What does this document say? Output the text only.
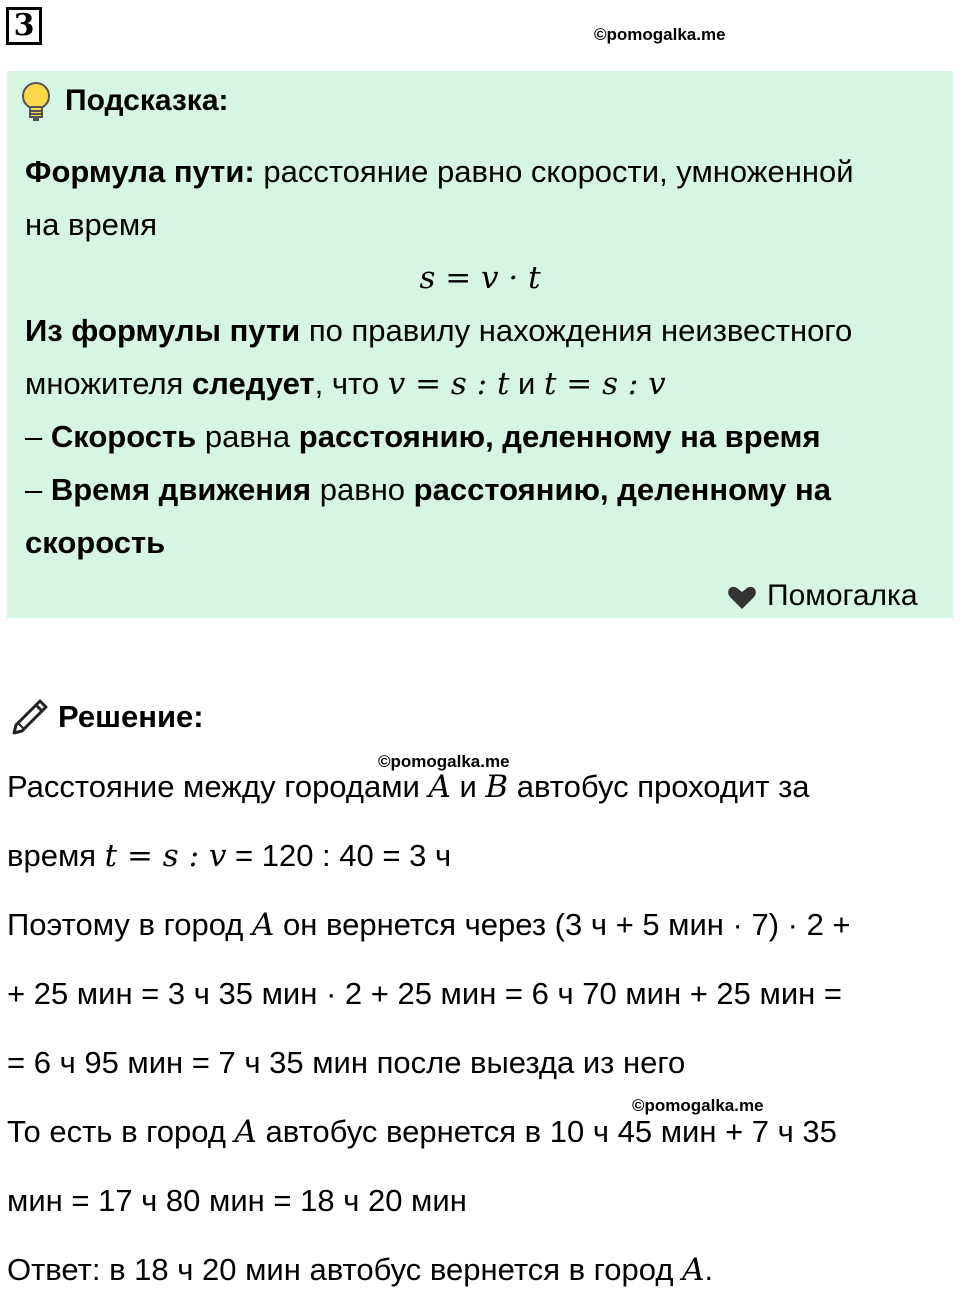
3	©pomogalka.me
Подсказка:
Формула пути: расстояние равно скорости, умноженной
на время
s = v · t
Из формулы пути по правилу нахождения неизвестного
множителя следует, что v = s : t и t = s : v
– Скорость равна расстоянию, деленному на время
– Время движения равно расстоянию, деленному на
скорость
Помогалка
Решение:
©pomogalka.me
Расстояние между городами A и B автобус проходит за
время t = s : v = 120 : 40 = 3 ч
Поэтому в город A он вернется через (3 ч + 5 мин · 7) · 2 +
+ 25 мин = 3 ч 35 мин · 2 + 25 мин = 6 ч 70 мин + 25 мин =
= 6 ч 95 мин = 7 ч 35 мин после выезда из него
©pomogalka.me
То есть в город A автобус вернется в 10 ч 45 мин + 7 ч 35
мин = 17 ч 80 мин = 18 ч 20 мин
Ответ: в 18 ч 20 мин автобус вернется в город A.
